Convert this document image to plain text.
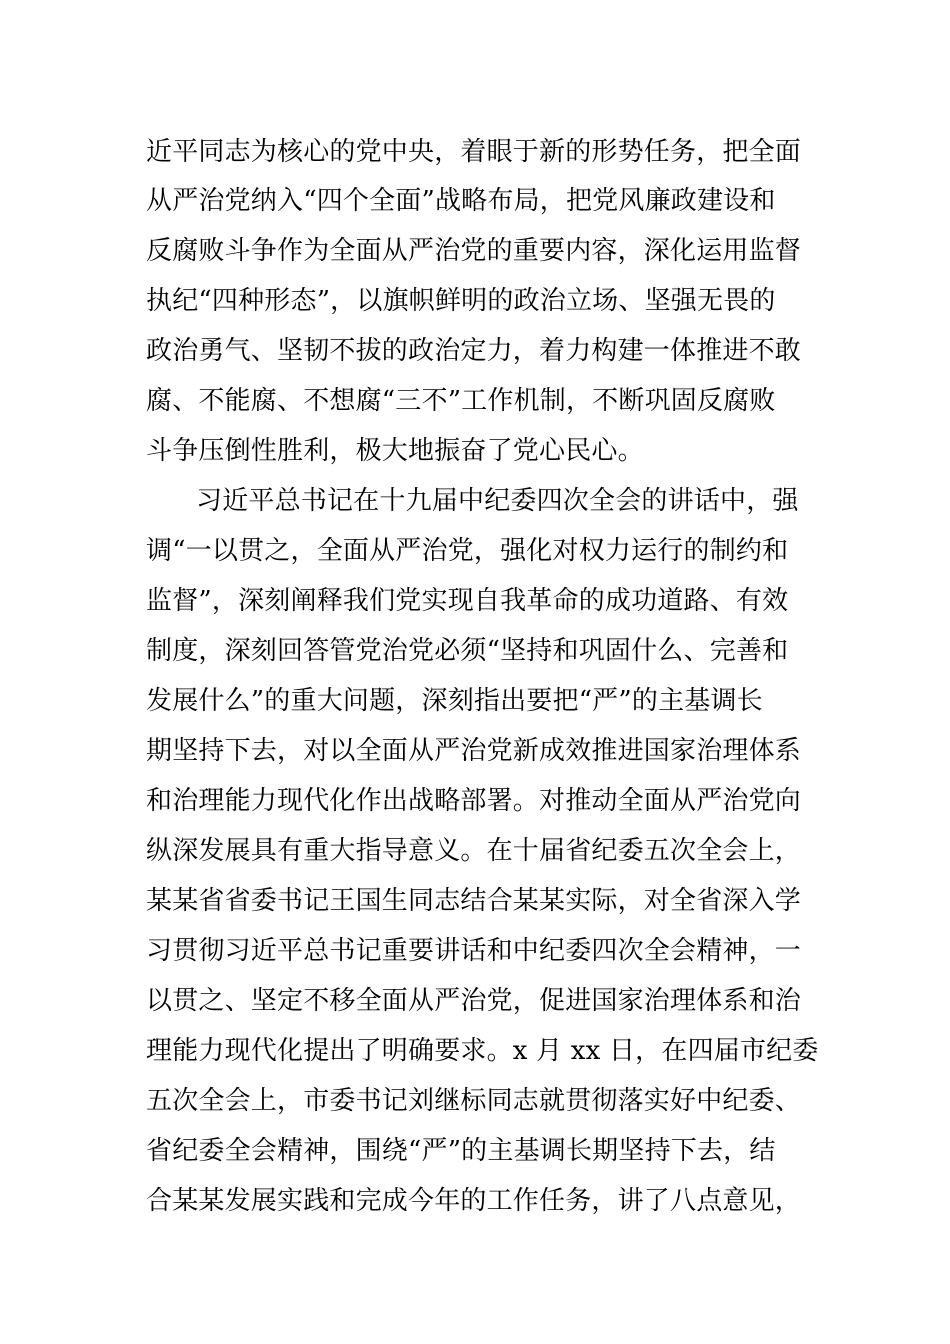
近平同志为核心的党中央，着眼于新的形势任务，把全面
从严治党纳入“四个全面”战略布局，把党风廉政建设和
反腐败斗争作为全面从严治党的重要内容，深化运用监督
执纪“四种形态”，以旗帜鲜明的政治立场、坚强无畏的
政治勇气、坚韧不拔的政治定力，着力构建一体推进不敢
腐、不能腐、不想腐“三不”工作机制，不断巩固反腐败
斗争压倒性胜利，极大地振奋了党心民心。
习近平总书记在十九届中纪委四次全会的讲话中，强
调“一以贯之，全面从严治党，强化对权力运行的制约和
监督”，深刻阐释我们党实现自我革命的成功道路、有效
制度，深刻回答管党治党必须“坚持和巩固什么、完善和
发展什么”的重大问题，深刻指出要把“严”的主基调长
期坚持下去，对以全面从严治党新成效推进国家治理体系
和治理能力现代化作出战略部署。对推动全面从严治党向
纵深发展具有重大指导意义。在十届省纪委五次全会上，
某某省省委书记王国生同志结合某某实际，对全省深入学
习贯彻习近平总书记重要讲话和中纪委四次全会精神，一
以贯之、坚定不移全面从严治党，促进国家治理体系和治
理能力现代化提出了明确要求。x 月 xx 日，在四届市纪委
五次全会上，市委书记刘继标同志就贯彻落实好中纪委、
省纪委全会精神，围绕“严”的主基调长期坚持下去，结
合某某发展实践和完成今年的工作任务，讲了八点意见，
